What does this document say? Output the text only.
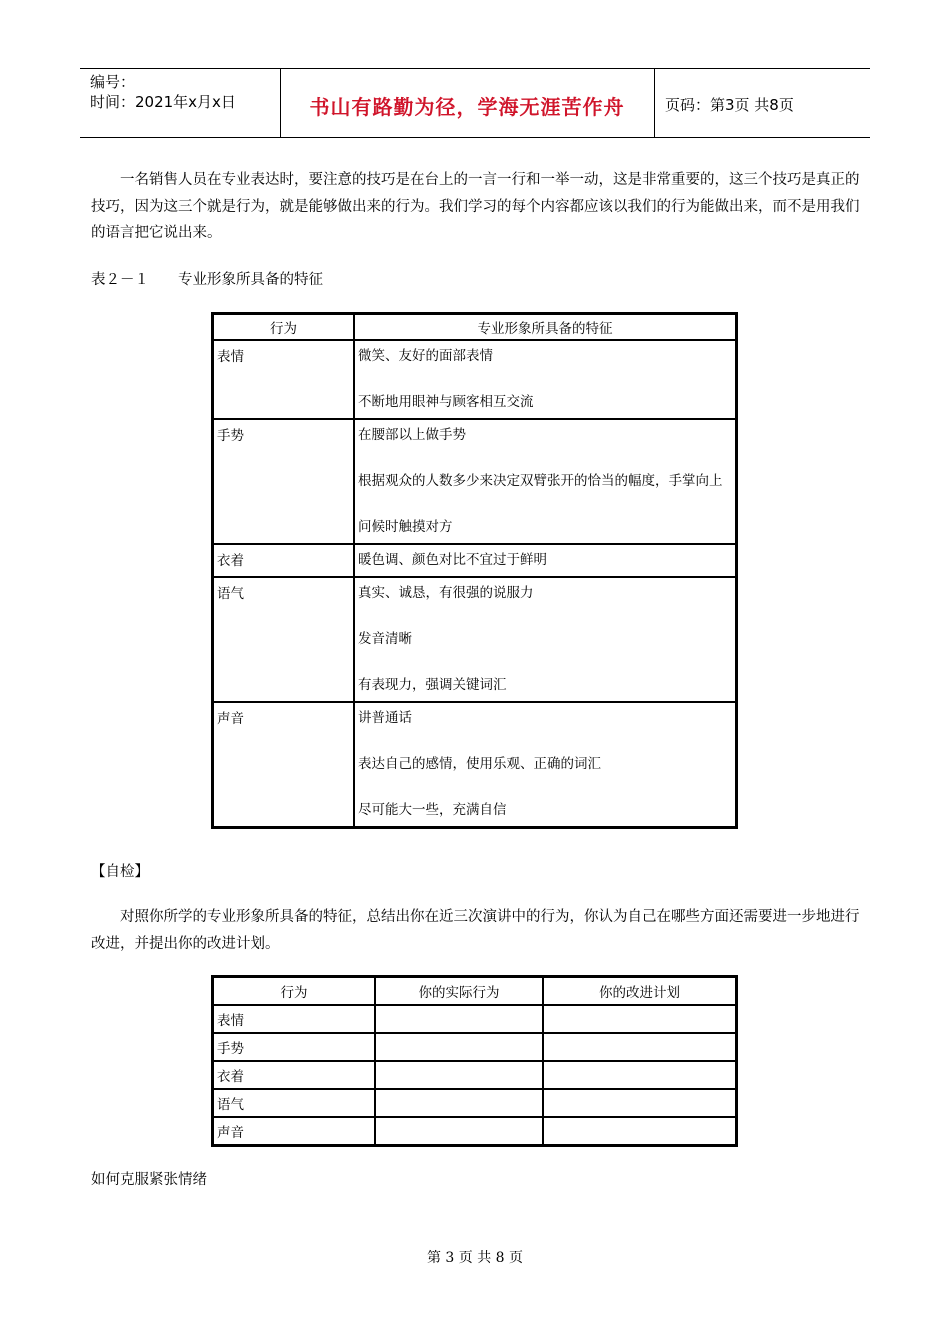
编号：
时间：2021年x月x日	书山有路勤为径，学海无涯苦作舟	页码：第3页 共8页
一名销售人员在专业表达时，要注意的技巧是在台上的一言一行和一举一动，这是非常重要的，这三个技巧是真正的技巧，因为这三个就是行为，就是能够做出来的行为。我们学习的每个内容都应该以我们的行为能做出来，而不是用我们的语言把它说出来。
表２－１　　专业形象所具备的特征
行为	专业形象所具备的特征
表情	微笑、友好的面部表情
不断地用眼神与顾客相互交流

手势	在腰部以上做手势
根据观众的人数多少来决定双臂张开的恰当的幅度，手掌向上
问候时触摸对方

衣着	暖色调、颜色对比不宜过于鲜明

语气	真实、诚恳，有很强的说服力
发音清晰
有表现力，强调关键词汇

声音	讲普通话
表达自己的感情，使用乐观、正确的词汇
尽可能大一些，充满自信
【自检】
对照你所学的专业形象所具备的特征，总结出你在近三次演讲中的行为，你认为自己在哪些方面还需要进一步地进行改进，并提出你的改进计划。
行为	你的实际行为	你的改进计划
表情		
手势		
衣着		
语气		
声音		
如何克服紧张情绪
第 3 页 共 8 页
